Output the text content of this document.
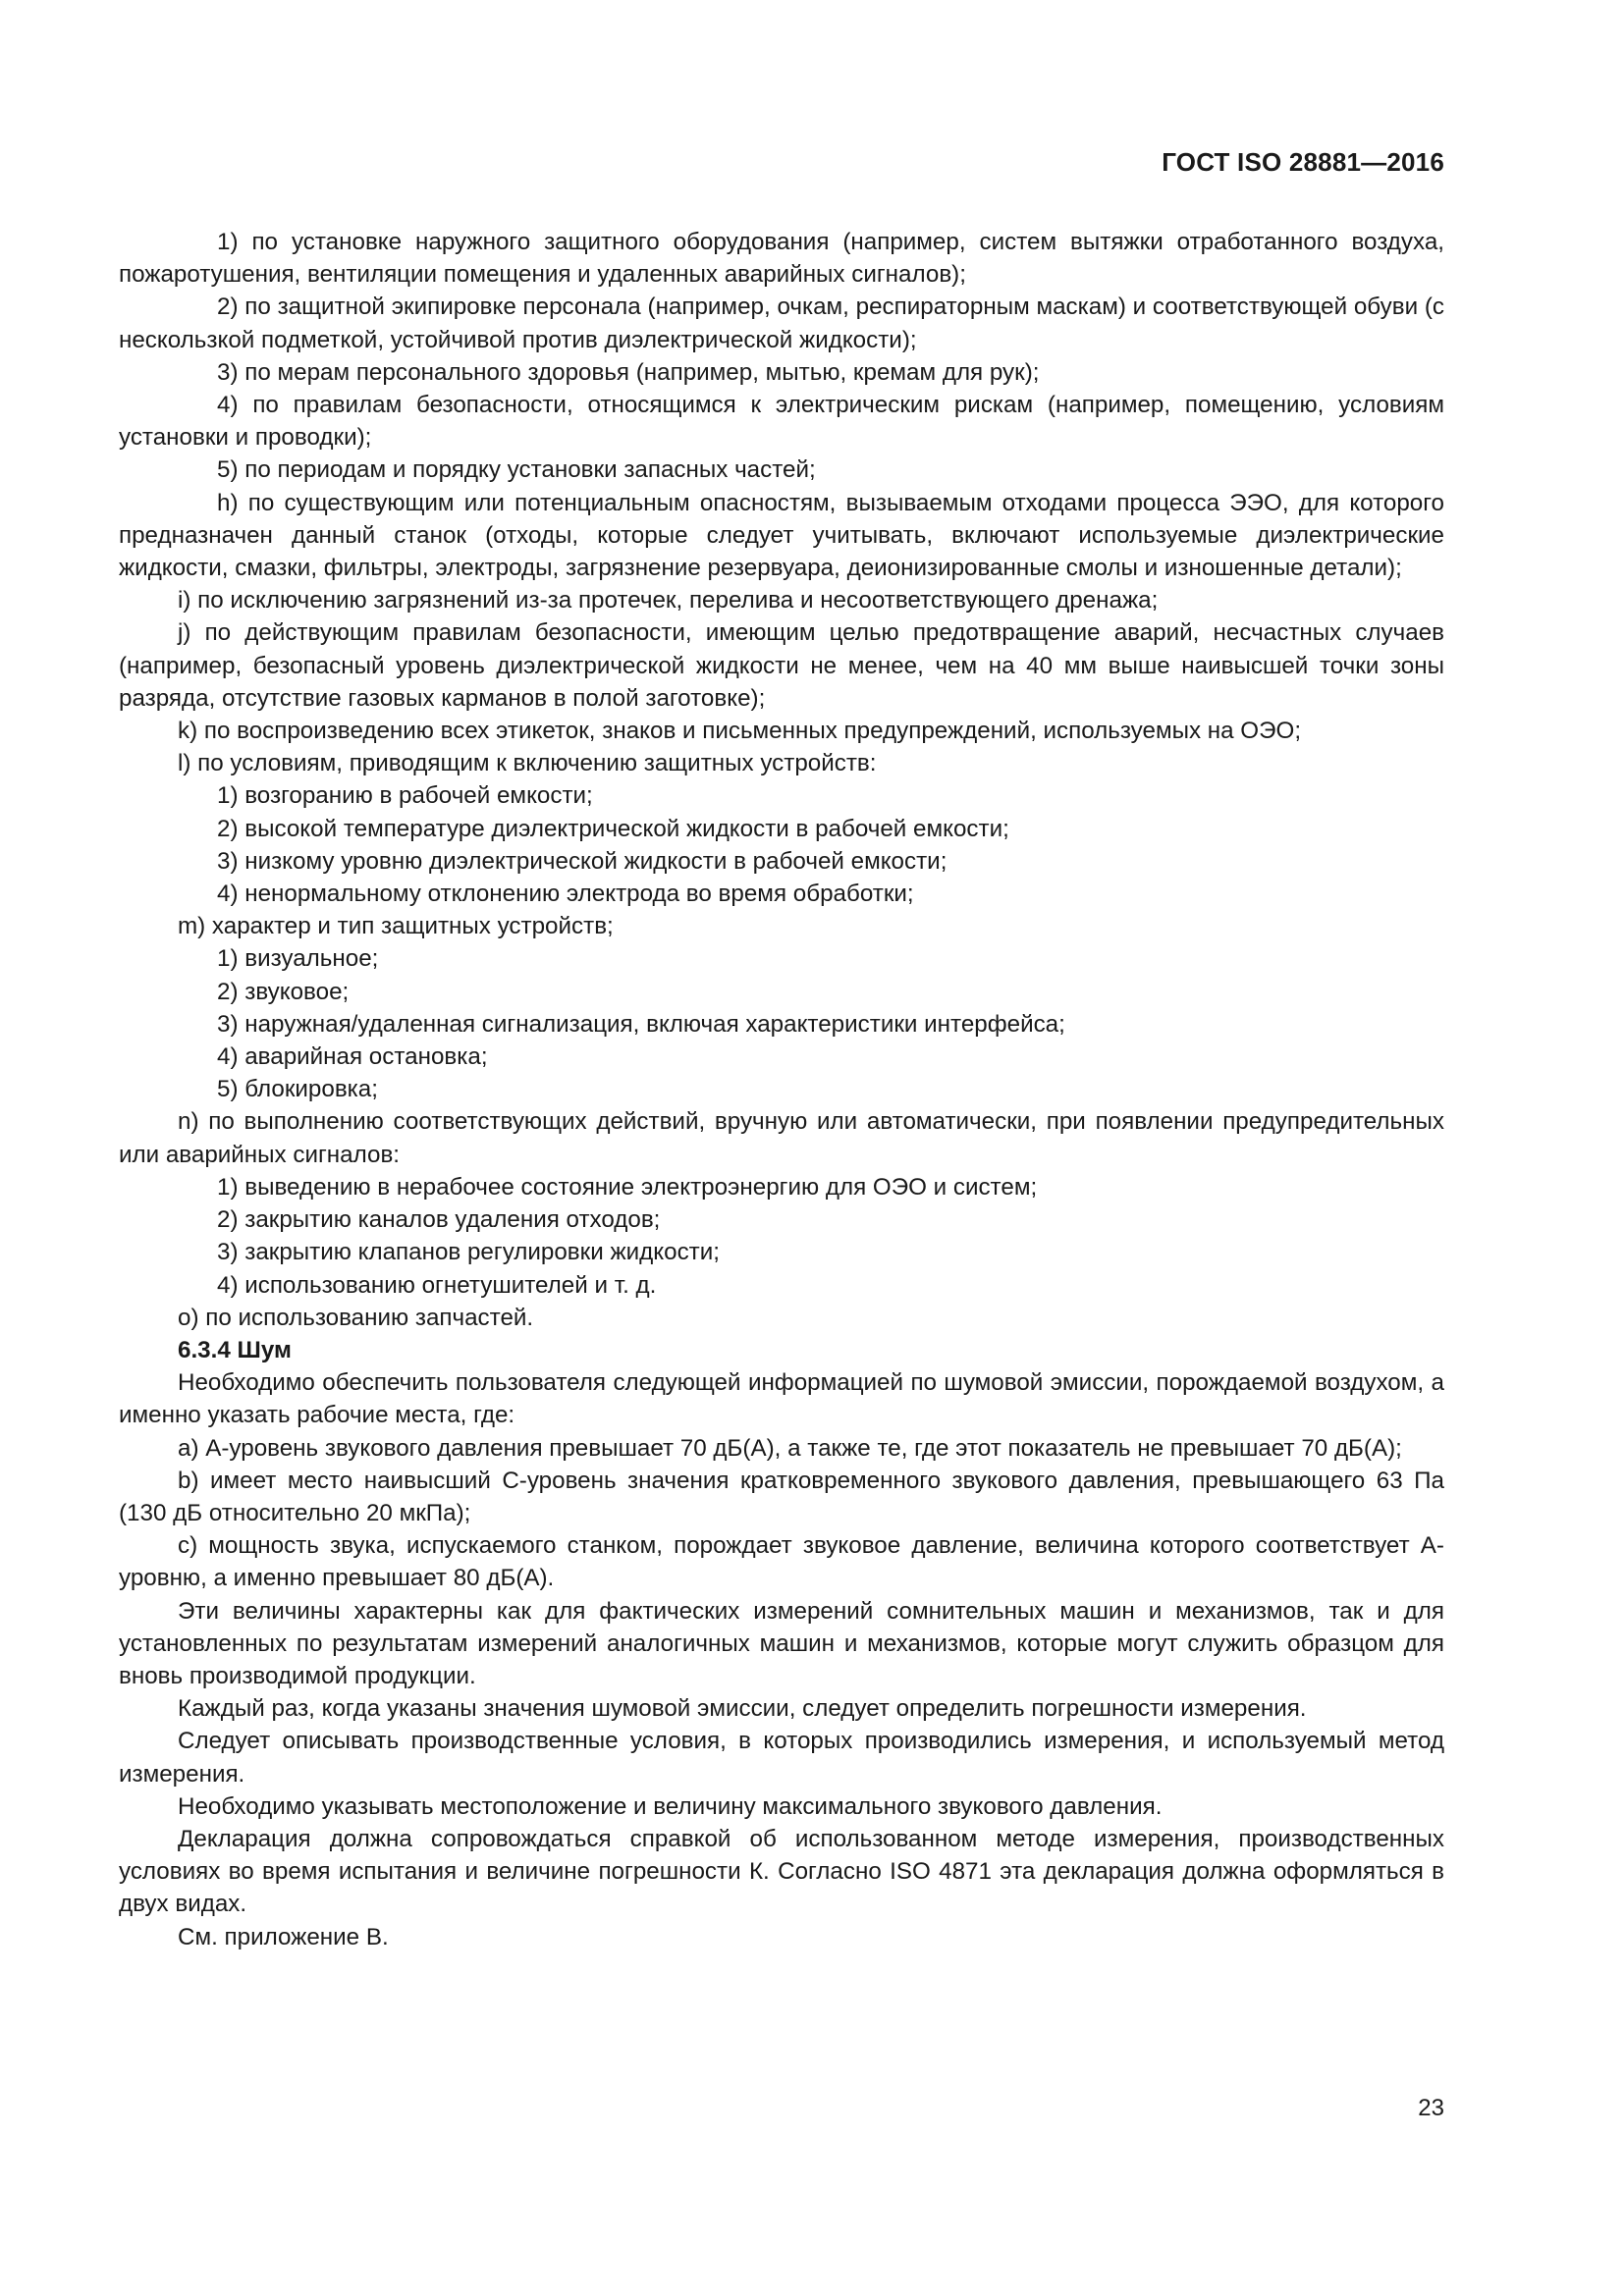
ГОСТ ISO 28881—2016

1) по установке наружного защитного оборудования (например, систем вытяжки отработанного воздуха, пожаротушения, вентиляции помещения и удаленных аварийных сигналов);

2) по защитной экипировке персонала (например, очкам, респираторным маскам) и соответствующей обуви (с нескользкой подметкой, устойчивой против диэлектрической жидкости);

3) по мерам персонального здоровья (например, мытью, кремам для рук);

4) по правилам безопасности, относящимся к электрическим рискам (например, помещению, условиям установки и проводки);

5) по периодам и порядку установки запасных частей;

h) по существующим или потенциальным опасностям, вызываемым отходами процесса ЭЭО, для которого предназначен данный станок (отходы, которые следует учитывать, включают используемые диэлектрические жидкости, смазки, фильтры, электроды, загрязнение резервуара, деионизированные смолы и изношенные детали);

i) по исключению загрязнений из-за протечек, перелива и несоответствующего дренажа;

j) по действующим правилам безопасности, имеющим целью предотвращение аварий, несчастных случаев (например, безопасный уровень диэлектрической жидкости не менее, чем на 40 мм выше наивысшей точки зоны разряда, отсутствие газовых карманов в полой заготовке);

k) по воспроизведению всех этикеток, знаков и письменных предупреждений, используемых на ОЭО;

l) по условиям, приводящим к включению защитных устройств:

1) возгоранию в рабочей емкости;

2) высокой температуре диэлектрической жидкости в рабочей емкости;

3) низкому уровню диэлектрической жидкости в рабочей емкости;

4) ненормальному отклонению электрода во время обработки;

m) характер и тип защитных устройств;

1) визуальное;

2) звуковое;

3) наружная/удаленная сигнализация, включая характеристики интерфейса;

4) аварийная остановка;

5) блокировка;

n) по выполнению соответствующих действий, вручную или автоматически, при появлении предупредительных или аварийных сигналов:

1) выведению в нерабочее состояние электроэнергию для ОЭО и систем;

2) закрытию каналов удаления отходов;

3) закрытию клапанов регулировки жидкости;

4) использованию огнетушителей и т. д.

o) по использованию запчастей.

6.3.4 Шум

Необходимо обеспечить пользователя следующей информацией по шумовой эмиссии, порождаемой воздухом, а именно указать рабочие места, где:

a) А-уровень звукового давления превышает 70 дБ(А), а также те, где этот показатель не превышает 70 дБ(А);

b) имеет место наивысший С-уровень значения кратковременного звукового давления, превышающего 63 Па (130 дБ относительно 20 мкПа);

c) мощность звука, испускаемого станком, порождает звуковое давление, величина которого соответствует А-уровню, а именно превышает 80 дБ(А).

Эти величины характерны как для фактических измерений сомнительных машин и механизмов, так и для установленных по результатам измерений аналогичных машин и механизмов, которые могут служить образцом для вновь производимой продукции.

Каждый раз, когда указаны значения шумовой эмиссии, следует определить погрешности измерения.

Следует описывать производственные условия, в которых производились измерения, и используемый метод измерения.

Необходимо указывать местоположение и величину максимального звукового давления.

Декларация должна сопровождаться справкой об использованном методе измерения, производственных условиях во время испытания и величине погрешности К. Согласно ISO 4871 эта декларация должна оформляться в двух видах.

См. приложение В.

23
